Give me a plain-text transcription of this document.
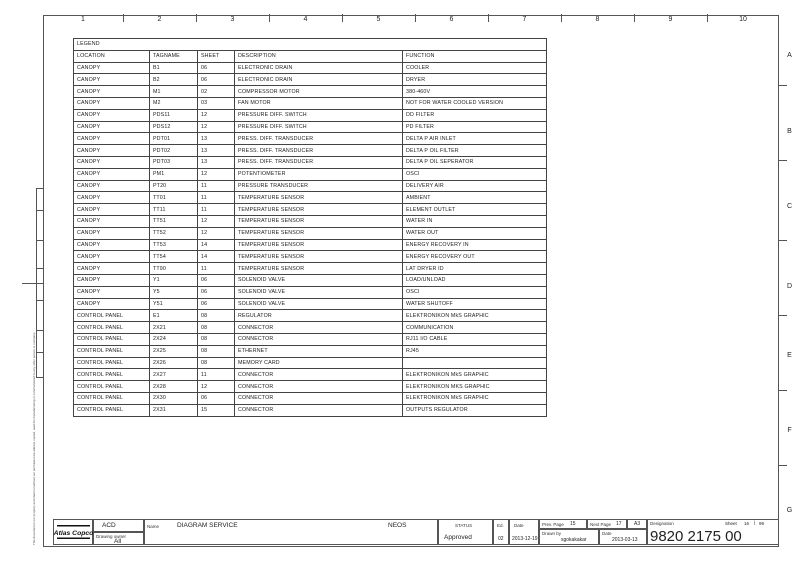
1	2	3	4	5	6	7	8	9	10
A
B
C
D
E
F
G
This document is our property and shall not without our permission be altered, copied, used for manufacturing or communicated to any other person or company.
LEGEND				
LOCATION	TAGNAME	SHEET	DESCRIPTION	FUNCTION
CANOPY	B1	06	ELECTRONIC DRAIN	COOLER
CANOPY	B2	06	ELECTRONIC DRAIN	DRYER
CANOPY	M1	02	COMPRESSOR MOTOR	380-460V
CANOPY	M2	03	FAN MOTOR	NOT FOR WATER COOLED VERSION
CANOPY	PDS11	12	PRESSURE DIFF. SWITCH	DD FILTER
CANOPY	PDS12	12	PRESSURE DIFF. SWITCH	PD FILTER
CANOPY	PDT01	13	PRESS. DIFF. TRANSDUCER	DELTA P AIR INLET
CANOPY	PDT02	13	PRESS. DIFF. TRANSDUCER	DELTA P OIL FILTER
CANOPY	PDT03	13	PRESS. DIFF. TRANSDUCER	DELTA P OIL SEPERATOR
CANOPY	PM1	12	POTENTIOMETER	OSCI
CANOPY	PT20	11	PRESSURE TRANSDUCER	DELIVERY AIR
CANOPY	TT01	11	TEMPERATURE SENSOR	AMBIENT
CANOPY	TT11	11	TEMPERATURE SENSOR	ELEMENT OUTLET
CANOPY	TT51	12	TEMPERATURE SENSOR	WATER IN
CANOPY	TT52	12	TEMPERATURE SENSOR	WATER OUT
CANOPY	TT53	14	TEMPERATURE SENSOR	ENERGY RECOVERY IN
CANOPY	TT54	14	TEMPERATURE SENSOR	ENERGY RECOVERY OUT
CANOPY	TT90	11	TEMPERATURE SENSOR	LAT DRYER ID
CANOPY	Y1	06	SOLENOID VALVE	LOAD/UNLOAD
CANOPY	Y5	06	SOLENOID VALVE	OSCI
CANOPY	Y51	06	SOLENOID VALVE	WATER SHUTOFF
CONTROL PANEL	E1	08	REGULATOR	ELEKTRONIKON MkS GRAPHIC
CONTROL PANEL	2X21	08	CONNECTOR	COMMUNICATION
CONTROL PANEL	2X24	08	CONNECTOR	RJ11 I/O CABLE
CONTROL PANEL	2X25	08	ETHERNET	RJ45
CONTROL PANEL	2X26	08	MEMORY CARD	
CONTROL PANEL	2X27	11	CONNECTOR	ELEKTRONIKON MkS GRAPHIC
CONTROL PANEL	2X28	12	CONNECTOR	ELEKTRONIKON MKS GRAPHIC
CONTROL PANEL	2X30	06	CONNECTOR	ELEKTRONIKON MkS GRAPHIC
CONTROL PANEL	2X31	15	CONNECTOR	OUTPUTS REGULATOR
Atlas Copco
ACD
Drawing owner
All
Name	DIAGRAM SERVICE	NEOS	STATUS
Approved
Ed.
02
Date
2013-12-19
Prev. Page 15	Next Page 17 A3
Drawn by
sgokakakar
Date
2013-03-13
Designation	Sheet 16 | 99
9820 2175 00
